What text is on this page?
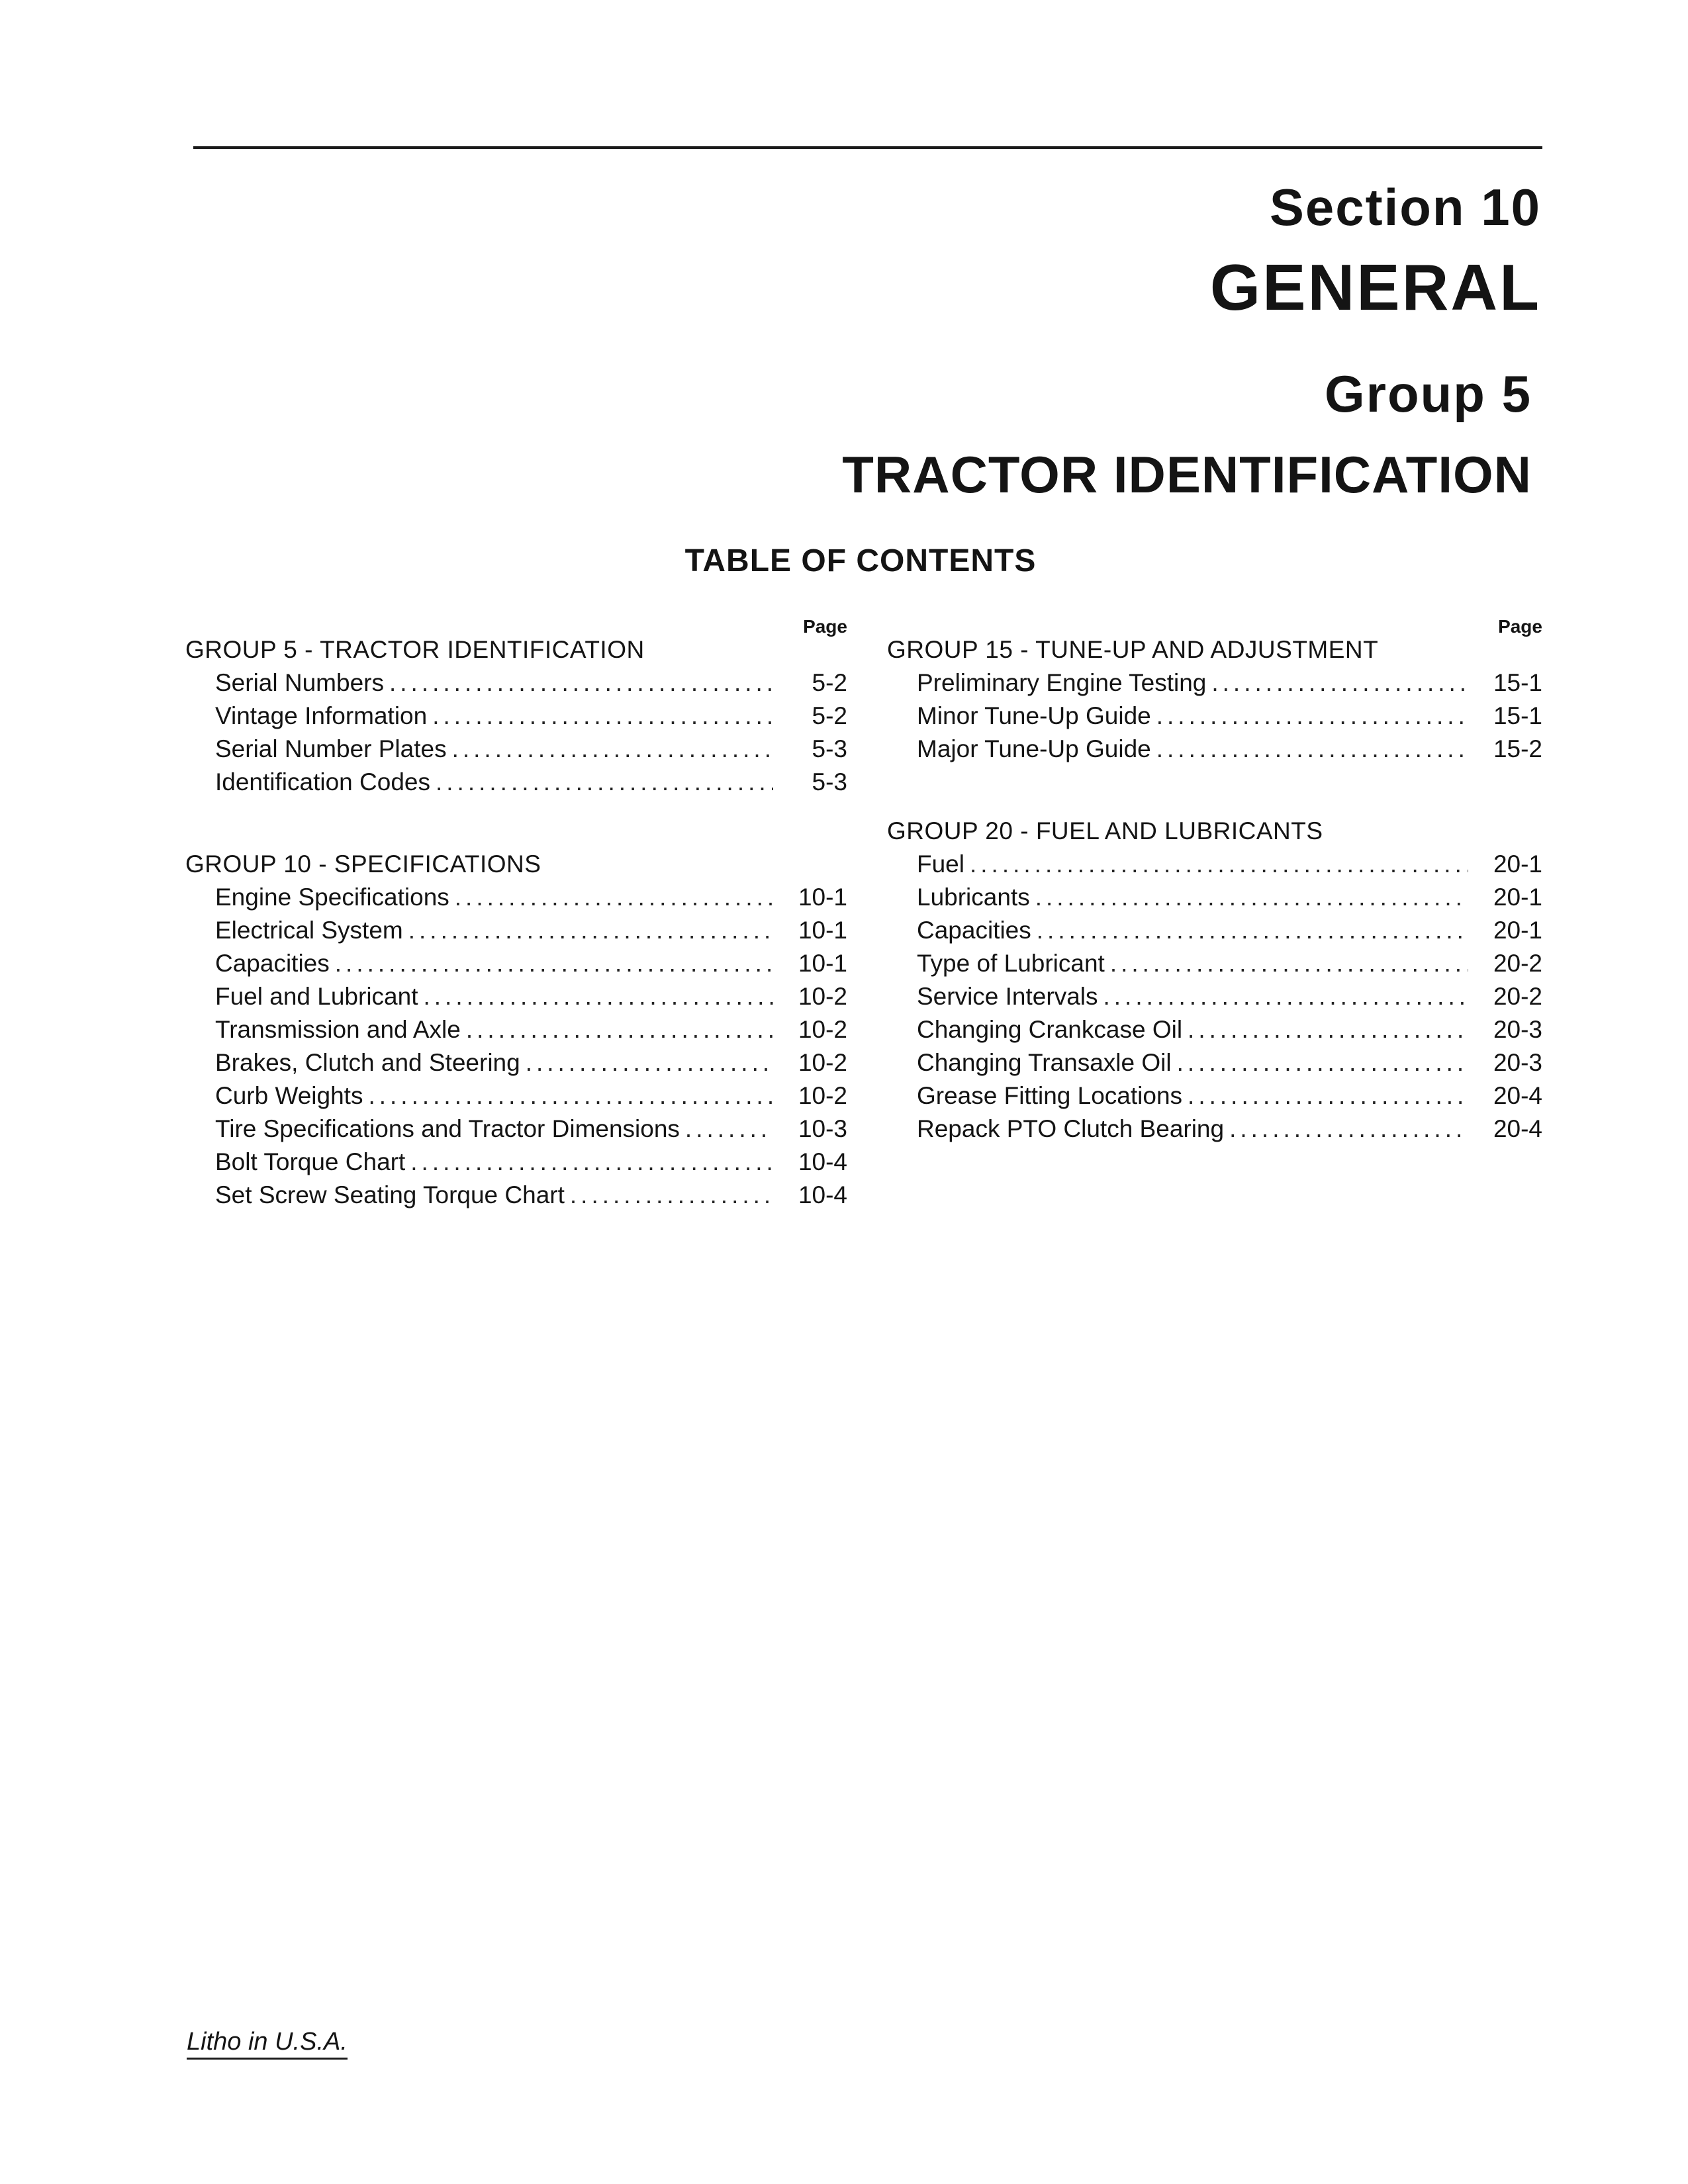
Section 10
GENERAL
Group 5
TRACTOR IDENTIFICATION
TABLE OF CONTENTS
Page
GROUP 5 - TRACTOR IDENTIFICATION
Serial Numbers .....	5-2
Vintage Information .....	5-2
Serial Number Plates .....	5-3
Identification Codes .....	5-3
GROUP 10 - SPECIFICATIONS
Engine Specifications .....	10-1
Electrical System .....	10-1
Capacities .....	10-1
Fuel and Lubricant .....	10-2
Transmission and Axle .....	10-2
Brakes, Clutch and Steering .....	10-2
Curb Weights .....	10-2
Tire Specifications and Tractor Dimensions .....	10-3
Bolt Torque Chart .....	10-4
Set Screw Seating Torque Chart .....	10-4
Page
GROUP 15 - TUNE-UP AND ADJUSTMENT
Preliminary Engine Testing .....	15-1
Minor Tune-Up Guide .....	15-1
Major Tune-Up Guide .....	15-2
GROUP 20 - FUEL AND LUBRICANTS
Fuel .....	20-1
Lubricants .....	20-1
Capacities .....	20-1
Type of Lubricant .....	20-2
Service Intervals .....	20-2
Changing Crankcase Oil .....	20-3
Changing Transaxle Oil .....	20-3
Grease Fitting Locations .....	20-4
Repack PTO Clutch Bearing .....	20-4
Litho in U.S.A.
